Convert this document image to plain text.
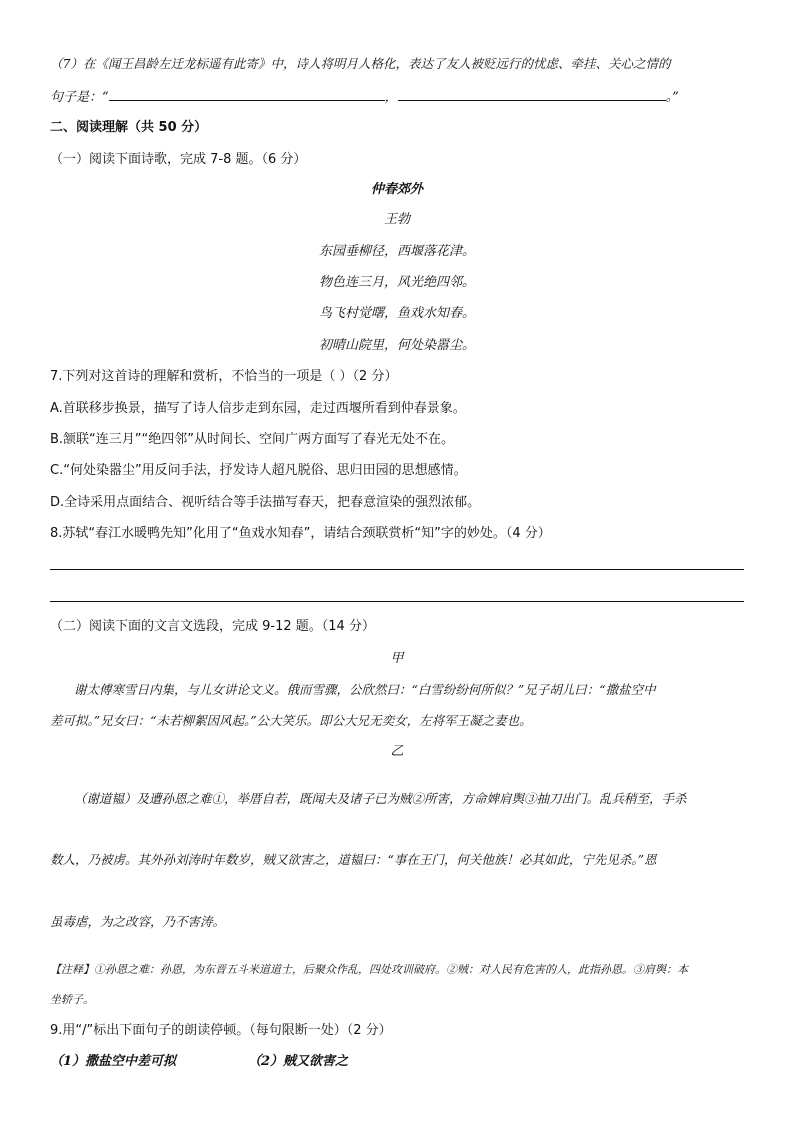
（7）在《闻王昌龄左迁龙标遥有此寄》中，诗人将明月人格化，表达了友人被贬远行的忧虑、牵挂、关心之情的
句子是：“	，	。”
二、阅读理解（共 50 分）
（一）阅读下面诗歌，完成 7-8 题。（6 分）
仲春郊外
王勃
东园垂柳径，西堰落花津。
物色连三月，风光绝四邻。
鸟飞村觉曙，鱼戏水知春。
初晴山院里，何处染嚣尘。
7.下列对这首诗的理解和赏析，不恰当的一项是（ ）（2 分）
A.首联移步换景，描写了诗人信步走到东园，走过西堰所看到仲春景象。
B.颔联“连三月”“绝四邻”从时间长、空间广两方面写了春光无处不在。
C.“何处染嚣尘”用反问手法，抒发诗人超凡脱俗、思归田园的思想感情。
D.全诗采用点面结合、视听结合等手法描写春天，把春意渲染的强烈浓郁。
8.苏轼“春江水暖鸭先知”化用了“鱼戏水知春”，请结合颈联赏析“知”字的妙处。（4 分）
（二）阅读下面的文言文选段，完成 9-12 题。（14 分）
甲
谢太傅寒雪日内集，与儿女讲论文义。俄而雪骤，公欣然曰：“白雪纷纷何所似？”兄子胡儿曰：“撒盐空中
差可拟。”兄女曰：“未若柳絮因风起。”公大笑乐。即公大兄无奕女，左将军王凝之妻也。
乙
（谢道韫）及遭孙恩之难①，举厝自若，既闻夫及诸子已为贼②所害，方命婢肩舆③抽刀出门。乱兵稍至，手杀
数人，乃被虏。其外孙刘涛时年数岁，贼又欲害之，道韫曰：“事在王门，何关他族！必其如此，宁先见杀。”恩
虽毒虐，为之改容，乃不害涛。
【注释】①孙恩之难：孙恩，为东晋五斗米道道士，后聚众作乱，四处攻训破府。②贼：对人民有危害的人，此指孙恩。③肩舆：本
坐轿子。
9.用“/”标出下面句子的朗读停顿。（每句限断一处）（2 分）
（1）撒盐空中差可拟	（2）贼又欲害之
